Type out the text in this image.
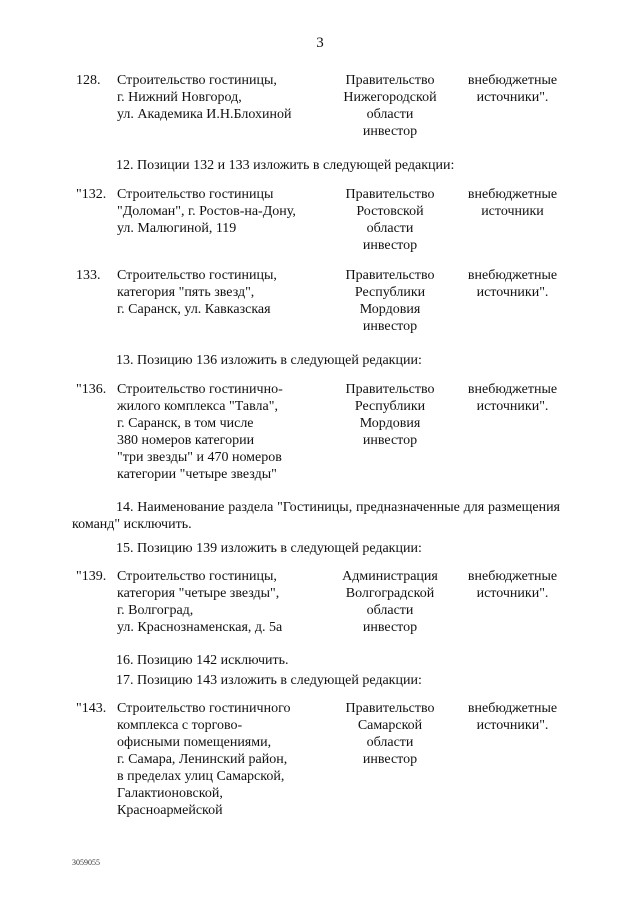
3
128. Строительство гостиницы,
г. Нижний Новгород,
ул. Академика И.Н.Блохиной
Правительство
Нижегородской
области
инвестор
внебюджетные
источники".
12. Позиции 132 и 133 изложить в следующей редакции:
"132. Строительство гостиницы
"Доломан", г. Ростов-на-Дону,
ул. Малюгиной, 119
Правительство
Ростовской
области
инвестор
внебюджетные
источники
133. Строительство гостиницы,
категория "пять звезд",
г. Саранск, ул. Кавказская
Правительство
Республики
Мордовия
инвестор
внебюджетные
источники".
13. Позицию 136 изложить в следующей редакции:
"136. Строительство гостинично-
жилого комплекса "Тавла",
г. Саранск, в том числе
380 номеров категории
"три звезды" и 470 номеров
категории "четыре звезды"
Правительство
Республики
Мордовия
инвестор
внебюджетные
источники".
14. Наименование раздела "Гостиницы, предназначенные для размещения команд" исключить.
15. Позицию 139 изложить в следующей редакции:
"139. Строительство гостиницы,
категория "четыре звезды",
г. Волгоград,
ул. Краснознаменская, д. 5а
Администрация
Волгоградской
области
инвестор
внебюджетные
источники".
16. Позицию 142 исключить.
17. Позицию 143 изложить в следующей редакции:
"143. Строительство гостиничного
комплекса с торгово-
офисными помещениями,
г. Самара, Ленинский район,
в пределах улиц Самарской,
Галактионовской,
Красноармейской
Правительство
Самарской
области
инвестор
внебюджетные
источники".
3059055
